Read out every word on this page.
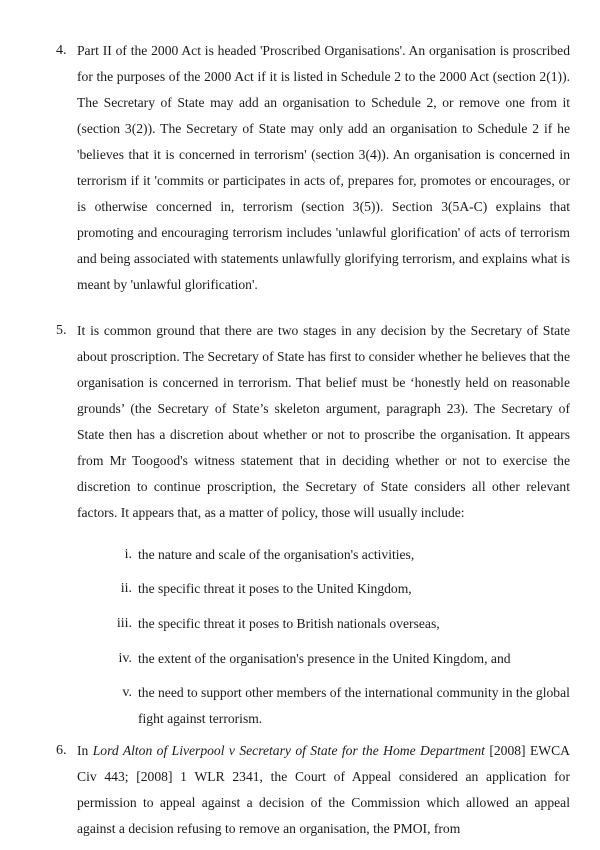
4. Part II of the 2000 Act is headed 'Proscribed Organisations'. An organisation is proscribed for the purposes of the 2000 Act if it is listed in Schedule 2 to the 2000 Act (section 2(1)). The Secretary of State may add an organisation to Schedule 2, or remove one from it (section 3(2)). The Secretary of State may only add an organisation to Schedule 2 if he 'believes that it is concerned in terrorism' (section 3(4)). An organisation is concerned in terrorism if it 'commits or participates in acts of, prepares for, promotes or encourages, or is otherwise concerned in, terrorism (section 3(5)). Section 3(5A-C) explains that promoting and encouraging terrorism includes 'unlawful glorification' of acts of terrorism and being associated with statements unlawfully glorifying terrorism, and explains what is meant by 'unlawful glorification'.
5. It is common ground that there are two stages in any decision by the Secretary of State about proscription. The Secretary of State has first to consider whether he believes that the organisation is concerned in terrorism. That belief must be ‘honestly held on reasonable grounds’ (the Secretary of State’s skeleton argument, paragraph 23). The Secretary of State then has a discretion about whether or not to proscribe the organisation. It appears from Mr Toogood's witness statement that in deciding whether or not to exercise the discretion to continue proscription, the Secretary of State considers all other relevant factors. It appears that, as a matter of policy, those will usually include:
i. the nature and scale of the organisation's activities,
ii. the specific threat it poses to the United Kingdom,
iii. the specific threat it poses to British nationals overseas,
iv. the extent of the organisation's presence in the United Kingdom, and
v. the need to support other members of the international community in the global fight against terrorism.
6. In Lord Alton of Liverpool v Secretary of State for the Home Department [2008] EWCA Civ 443; [2008] 1 WLR 2341, the Court of Appeal considered an application for permission to appeal against a decision of the Commission which allowed an appeal against a decision refusing to remove an organisation, the PMOI, from
